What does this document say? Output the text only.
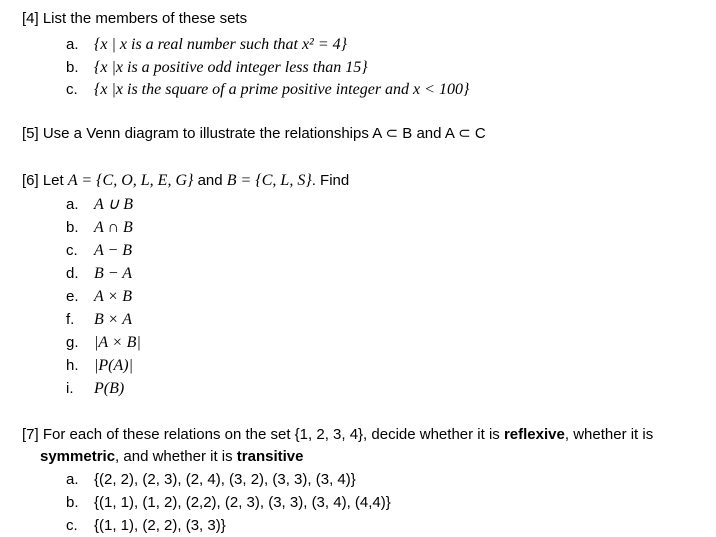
[4] List the members of these sets
a. {x | x is a real number such that x² = 4}
b. {x |x is a positive odd integer less than 15}
c. {x |x is the square of a prime positive integer and x < 100}
[5] Use a Venn diagram to illustrate the relationships A ⊂ B and A ⊂ C
[6] Let A = {C, O, L, E, G} and B = {C, L, S}. Find
a. A ∪ B
b. A ∩ B
c. A − B
d. B − A
e. A × B
f. B × A
g. |A × B|
h. |P(A)|
i. P(B)
[7] For each of these relations on the set {1, 2, 3, 4}, decide whether it is reflexive, whether it is
symmetric, and whether it is transitive
a. {(2, 2), (2, 3), (2, 4), (3, 2), (3, 3), (3, 4)}
b. {(1, 1), (1, 2), (2,2), (2, 3), (3, 3), (3, 4), (4,4)}
c. {(1, 1), (2, 2), (3, 3)}
